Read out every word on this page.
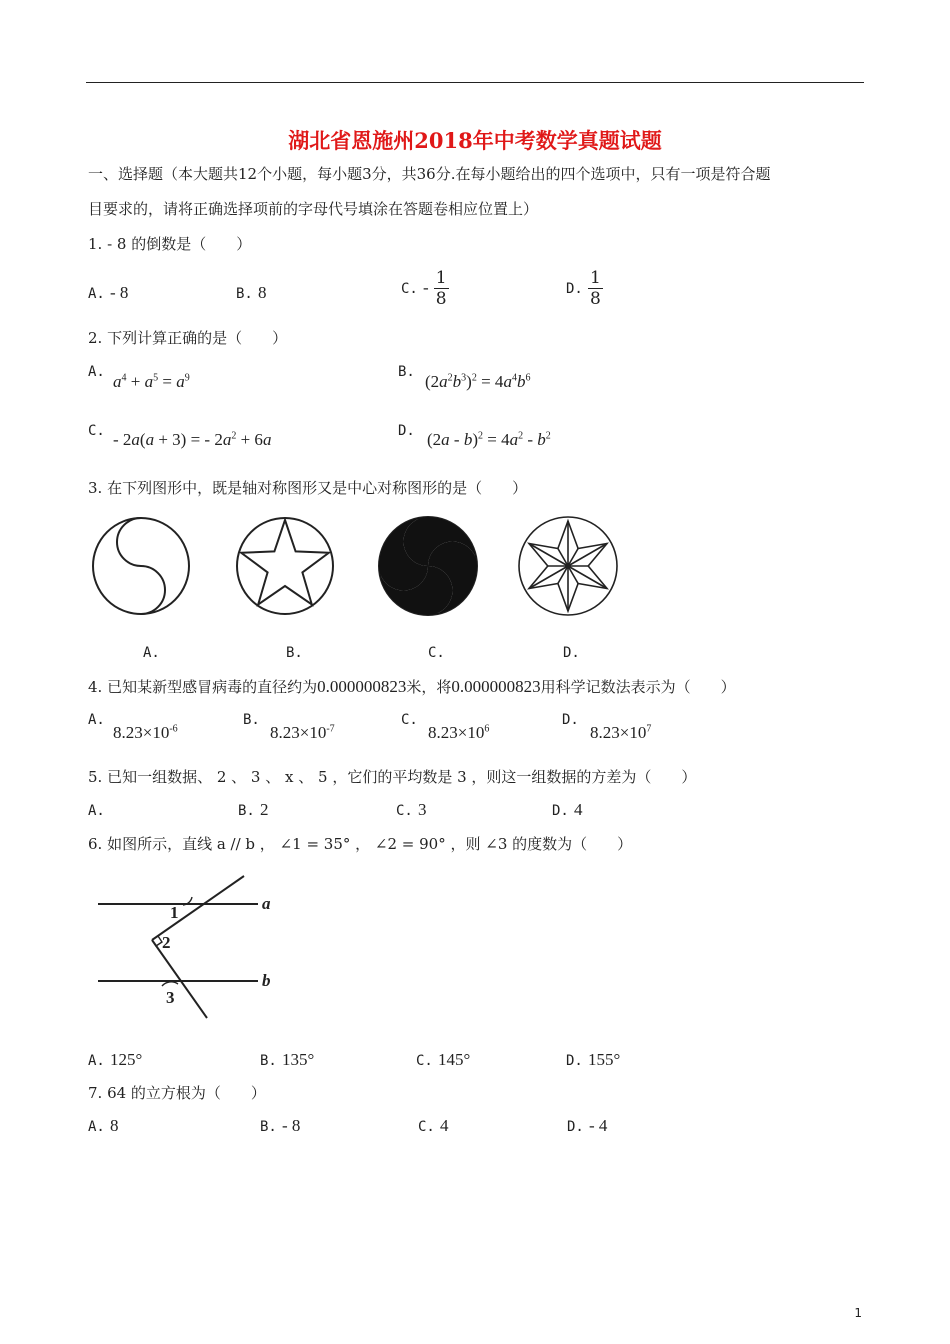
湖北省恩施州2018年中考数学真题试题
一、选择题（本大题共12个小题，每小题3分，共36分.在每小题给出的四个选项中，只有一项是符合题
目要求的，请将正确选择项前的字母代号填涂在答题卷相应位置上）
1. - 8 的倒数是（　　）
A. - 8	B. 8	C. - $\frac{1}{8}$	D. $\frac{1}{8}$
2. 下列计算正确的是（　　）
A. $a^4 + a^5 = a^9$	B. $(2a^2b^3)^2 = 4a^4b^6$
C. - 2a(a + 3) = - $2a^2 + 6a$	D. $(2a - b)^2 = 4a^2 - b^2$
3. 在下列图形中，既是轴对称图形又是中心对称图形的是（　　）
A.	B.	C.	D.
4. 已知某新型感冒病毒的直径约为0.000000823米，将0.000000823用科学记数法表示为（　　）
A.
$8.23\times 10^{-6}$
B.
$8.23\times 10^{-7}$
C.
$8.23\times 10^6$
D.
$8.23\times 10^7$
5. 已知一组数据、 2 、 3 、 x 、 5 ，它们的平均数是 3 ，则这一组数据的方差为（　　）
A.	B. 2	C. 3	D. 4
6. 如图所示，直线 a // b ， ∠1 = 35° ， ∠2 = 90° ，则 ∠3 的度数为（　　）
a
b
1
2
3
A. 125°	B. 135°	C. 145°	D. 155°
7. 64 的立方根为（　　）
A. 8	B. - 8	C. 4	D. - 4
1
